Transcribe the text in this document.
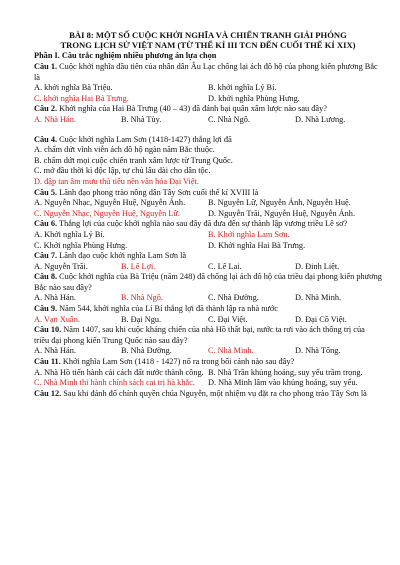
BÀI 8: MỘT SỐ CUỘC KHỞI NGHĨA VÀ CHIẾN TRANH GIẢI PHÓNG
TRONG LỊCH SỬ VIỆT NAM (TỪ THẾ KỈ III TCN ĐẾN CUỐI THẾ KỈ XIX)

Phần I. Câu trắc nghiệm nhiều phương án lựa chọn

Câu 1. Cuộc khởi nghĩa đầu tiên của nhân dân Âu Lạc chống lại ách đô hộ của phong kiến phương Bắc là

A. khởi nghĩa Bà Triệu.	B. khởi nghĩa Lý Bí.
C. khởi nghĩa Hai Bà Trưng.	D. khởi nghĩa Phùng Hưng.

Câu 2. Khởi nghĩa của Hai Bà Trưng (40 – 43) đã đánh bại quân xâm lược nào sau đây?

A. Nhà Hán.	B. Nhà Tùy.	C. Nhà Ngô.	D. Nhà Lương.

Câu 4. Cuộc khởi nghĩa Lam Sơn (1418-1427) thắng lợi đã

A. chấm dứt vĩnh viễn ách đô hộ ngàn năm Bắc thuộc.

B. chấm dứt mọi cuộc chiến tranh xâm lược từ Trung Quốc.

C. mở đầu thời kì độc lập, tự chủ lâu dài cho dân tộc.

D. đập tan âm mưu thủ tiêu nền văn hóa Đại Việt.

Câu 5. Lãnh đạo phong trào nông dân Tây Sơn cuối thế kỉ XVIII là

A. Nguyễn Nhạc, Nguyễn Huệ, Nguyễn Ánh.	B. Nguyễn Lữ, Nguyễn Ánh, Nguyễn Huệ.
C. Nguyễn Nhạc, Nguyễn Huệ, Nguyễn Lữ.	D. Nguyễn Trãi, Nguyễn Huệ, Nguyễn Ánh.

Câu 6. Thắng lợi của cuộc khởi nghĩa nào sau đây đã đưa đến sự thành lập vương triều Lê sơ?

A. Khởi nghĩa Lý Bí.	B. Khởi nghĩa Lam Sơn.
C. Khởi nghĩa Phùng Hưng.	D. Khởi nghĩa Hai Bà Trưng.

Câu 7. Lãnh đạo cuộc khởi nghĩa Lam Sơn là

A. Nguyễn Trãi.	B. Lê Lợi.	C. Lê Lai.	D. Đinh Liệt.

Câu 8. Cuộc khởi nghĩa của Bà Triệu (năm 248) đã chống lại ách đô hộ của triều đại phong kiến phương Bắc nào sau đây?

A. Nhà Hán.	B. Nhà Ngô.	C. Nhà Đường.	D. Nhà Minh.

Câu 9. Năm 544, khởi nghĩa của Lí Bí thắng lợi đã thành lập ra nhà nước

A. Vạn Xuân.	B. Đại Ngu.	C. Đại Việt.	D. Đại Cồ Việt.

Câu 10. Năm 1407, sau khi cuộc kháng chiến của nhà Hồ thất bại, nước ta rơi vào ách thống trị của triều đại phong kiến Trung Quốc nào sau đây?

A. Nhà Hán.	B. Nhà Đường.	C. Nhà Minh.	D. Nhà Tống.

Câu 11. Khởi nghĩa Lam Sơn (1418 - 1427) nổ ra trong bối cảnh nào sau đây?

A. Nhà Hồ tiến hành cải cách đất nước thành công. B. Nhà Trần khủng hoảng, suy yếu trầm trọng.
C. Nhà Minh thi hành chính sách cai trị hà khắc.	D. Nhà Minh lâm vào khủng hoảng, suy yếu.

Câu 12. Sau khi đánh đổ chính quyền chúa Nguyễn, một nhiệm vụ đặt ra cho phong trào Tây Sơn là
